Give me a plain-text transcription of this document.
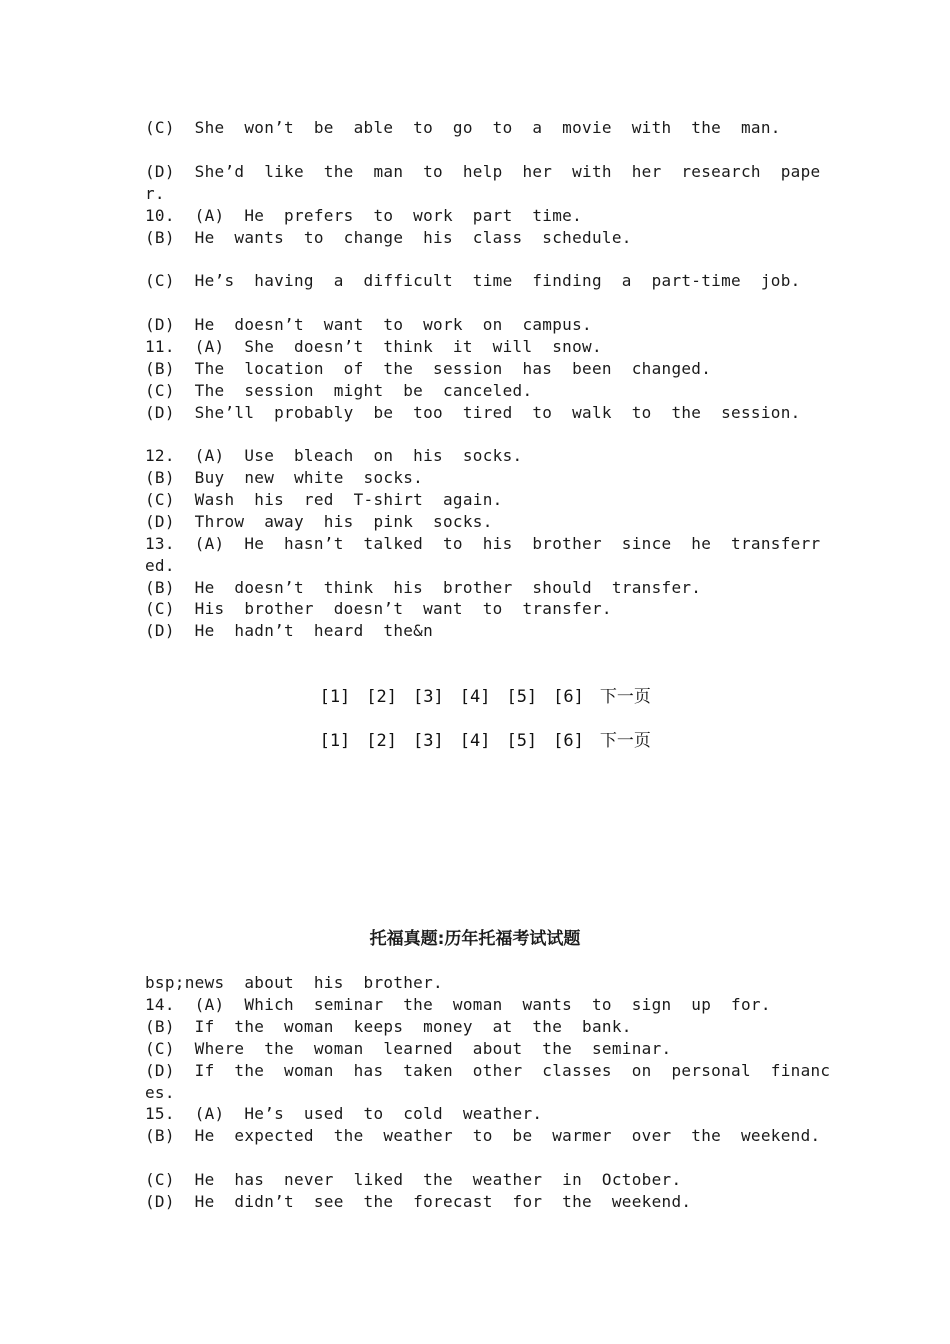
(C)  She  won’t  be  able  to  go  to  a  movie  with  the  man.
(D)  She’d  like  the  man  to  help  her  with  her  research  pape
r.
10.  (A)  He  prefers  to  work  part  time.
(B)  He  wants  to  change  his  class  schedule.
(C)  He’s  having  a  difficult  time  finding  a  part-time  job.
(D)  He  doesn’t  want  to  work  on  campus.
11.  (A)  She  doesn’t  think  it  will  snow.
(B)  The  location  of  the  session  has  been  changed.
(C)  The  session  might  be  canceled.
(D)  She’ll  probably  be  too  tired  to  walk  to  the  session.
12.  (A)  Use  bleach  on  his  socks.
(B)  Buy  new  white  socks.
(C)  Wash  his  red  T-shirt  again.
(D)  Throw  away  his  pink  socks.
13.  (A)  He  hasn’t  talked  to  his  brother  since  he  transferr
ed.
(B)  He  doesn’t  think  his  brother  should  transfer.
(C)  His  brother  doesn’t  want  to  transfer.
(D)  He  hadn’t  heard  the&n

[1] [2] [3] [4] [5] [6] 下一页

[1] [2] [3] [4] [5] [6] 下一页

托福真题:历年托福考试试题
bsp;news  about  his  brother.
14.  (A)  Which  seminar  the  woman  wants  to  sign  up  for.
(B)  If  the  woman  keeps  money  at  the  bank.
(C)  Where  the  woman  learned  about  the  seminar.
(D)  If  the  woman  has  taken  other  classes  on  personal  financ
es.
15.  (A)  He’s  used  to  cold  weather.
(B)  He  expected  the  weather  to  be  warmer  over  the  weekend.
(C)  He  has  never  liked  the  weather  in  October.
(D)  He  didn’t  see  the  forecast  for  the  weekend.
